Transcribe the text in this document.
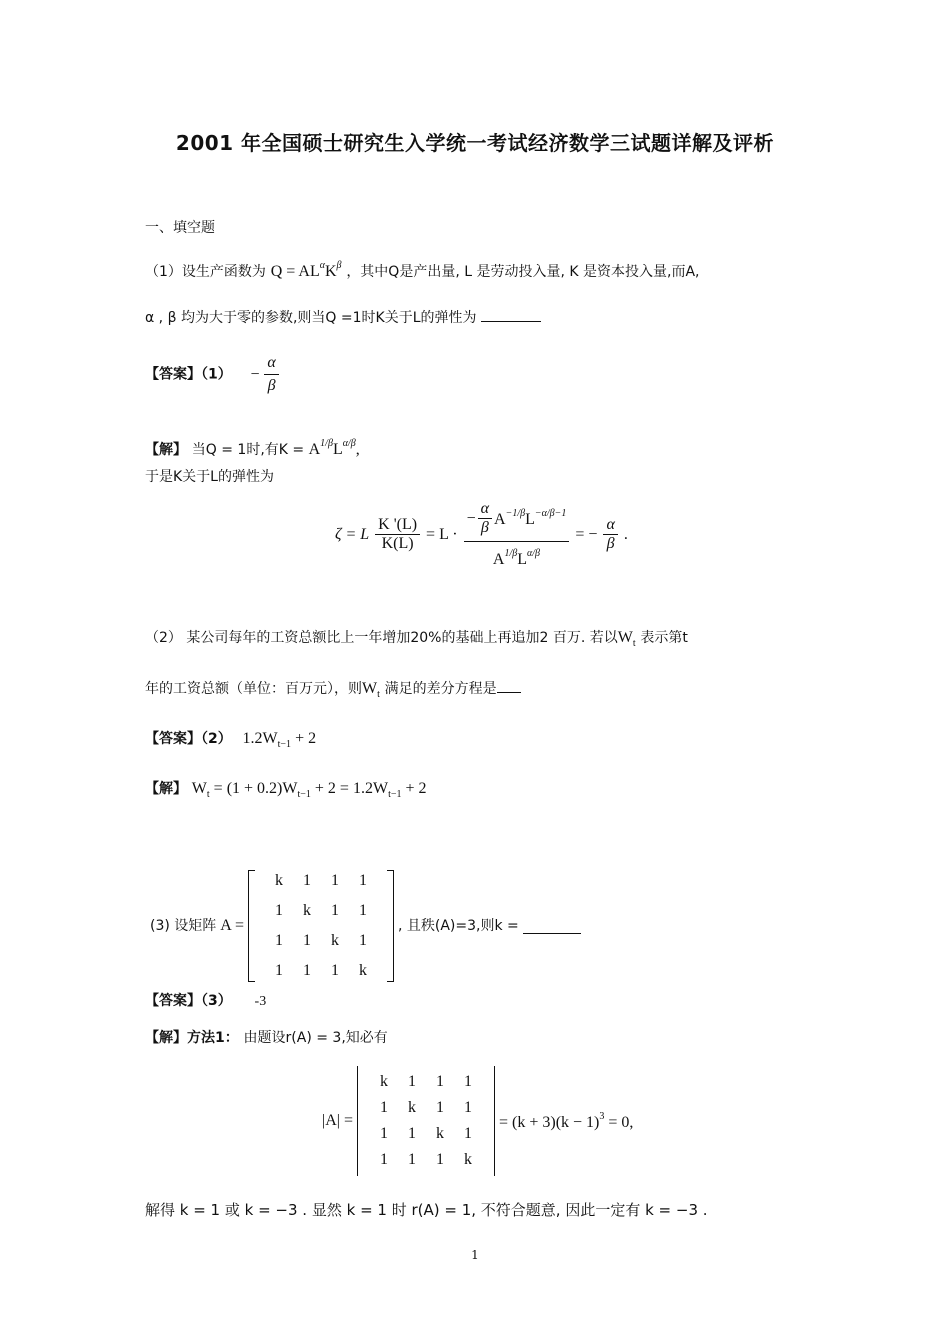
2001 年全国硕士研究生入学统一考试经济数学三试题详解及评析
一、填空题
（1）设生产函数为 $Q = AL^\alpha K^\beta$ ，其中Q是产出量, L 是劳动投入量, K 是资本投入量,而A,
α , β 均为大于零的参数,则当Q =1时K关于L的弹性为
【答案】$(1) - \frac{\alpha}{\beta}$
【解】 当Q = 1时,有$K = A^{1/\beta}L^{\alpha/\beta}$,
于是K关于L的弹性为
ζ = L $\frac{K '(L)}{K(L)} = L \cdot \frac{- \frac{\alpha}{\beta} A^{-1/\beta}L^{-\alpha/\beta-1}}{A^{1/\beta}L^{\alpha/\beta}}$ = − $\frac{\alpha}{\beta}$ .
（2） 某公司每年的工资总额比上一年增加20%的基础上再追加2 百万. 若以$W_t$ 表示第t
年的工资总额（单位：百万元），则$W_t$ 满足的差分方程是
【答案】（2） $1.2W_{t-1} + 2$
【解】 $W_t = (1 + 0.2)W_{t-1} + 2 = 1.2W_{t-1} + 2$
(3) 设矩阵 A =
k	1	1	1
1	k	1	1
1	1	k	1
1	1	1	k
, 且秩(A)=3,则k =
【答案】（3） -3
【解】方法1： 由题设r(A) = 3,知必有
|A| =
k	1	1	1
1	k	1	1
1	1	k	1
1	1	1	k
= $(k + 3)(k - 1)^3 = 0$,
解得 k = 1 或 k = −3 . 显然 k = 1 时 r(A) = 1, 不符合题意, 因此一定有 k = −3 .
1
